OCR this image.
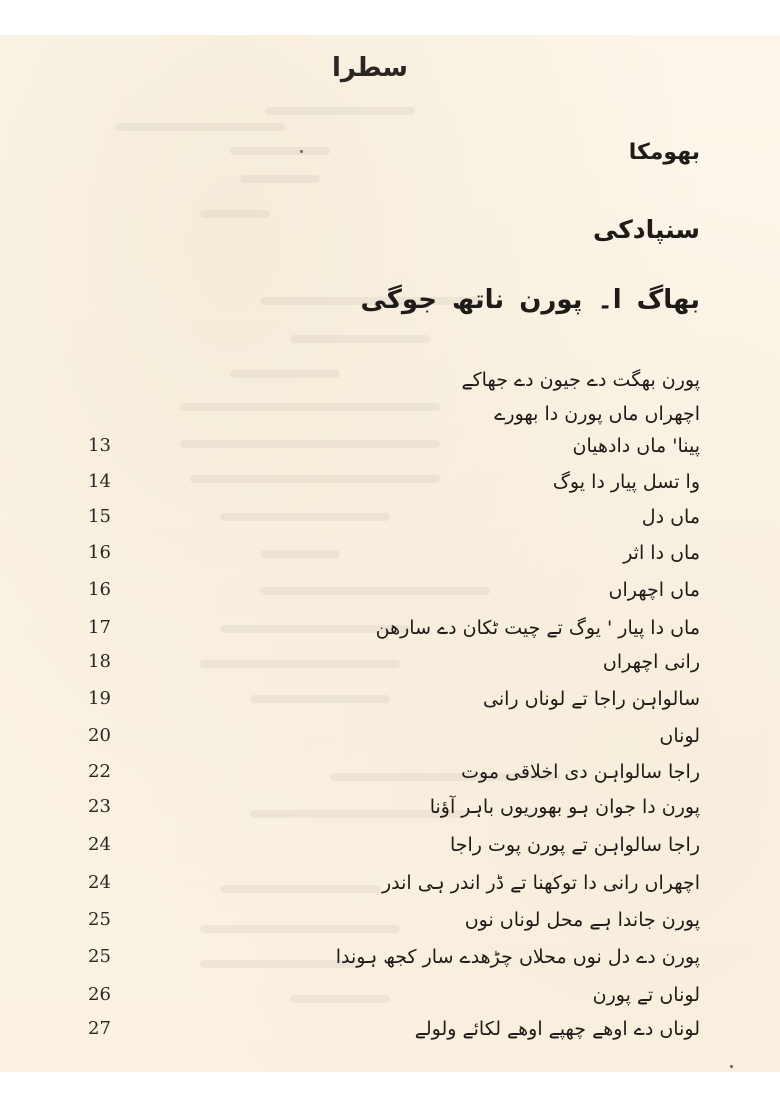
سطرا
بھومکا
سنپادکی
بھاگ ا۔ پورن ناتھ جوگی
پورن بھگت دے جیون دے جھاکے
اچھراں ماں پورن دا بھورے
13	پینا' ماں دادھیان
14	وا تسل پیار دا یوگ
15	ماں دل
16	ماں دا اثر
16	ماں اچھراں
17	ماں دا پیار ' یوگ تے چیت ٹکان دے سارھن
18	رانی اچھراں
19	سالواہن راجا تے لوناں رانی
20	لوناں
22	راجا سالواہن دی اخلاقی موت
23	پورن دا جوان ہو بھوریوں باہر آؤنا
24	راجا سالواہن تے پورن پوت راجا
24	اچھراں رانی دا توکھنا تے ڈر اندر ہی اندر
25	پورن جاندا ہے محل لوناں نوں
25	پورن دے دل نوں محلاں چڑھدے سار کجھ ہوندا
26	لوناں تے پورن
27	لوناں دے اوھے چھپے اوھے لکائے ولولے
